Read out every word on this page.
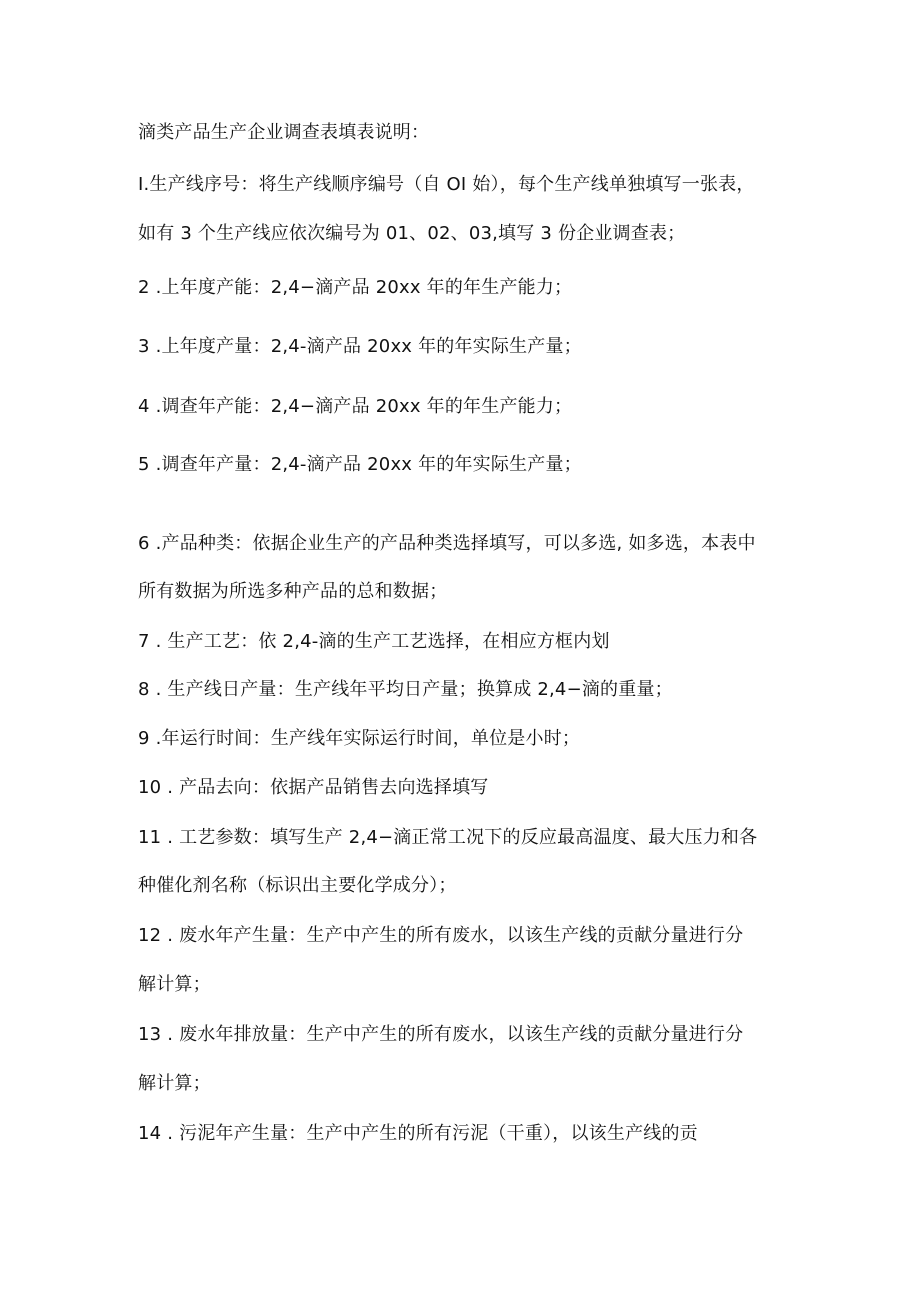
滴类产品生产企业调查表填表说明：
I.生产线序号：将生产线顺序编号（自 OI 始），每个生产线单独填写一张表，
如有 3 个生产线应依次编号为 01、02、03,填写 3 份企业调查表；
2 .上年度产能：2,4−滴产品 20xx 年的年生产能力；
3 .上年度产量：2,4-滴产品 20xx 年的年实际生产量；
4 .调查年产能：2,4−滴产品 20xx 年的年生产能力；
5 .调查年产量：2,4-滴产品 20xx 年的年实际生产量；
6 .产品种类：依据企业生产的产品种类选择填写，可以多选, 如多选，本表中
所有数据为所选多种产品的总和数据；
7 . 生产工艺：依 2,4-滴的生产工艺选择，在相应方框内划
8 . 生产线日产量：生产线年平均日产量；换算成 2,4−滴的重量；
9 .年运行时间：生产线年实际运行时间，单位是小时；
10 . 产品去向：依据产品销售去向选择填写
11 . 工艺参数：填写生产 2,4−滴正常工况下的反应最高温度、最大压力和各
种催化剂名称（标识出主要化学成分）；
12 . 废水年产生量：生产中产生的所有废水，以该生产线的贡献分量进行分
解计算；
13 . 废水年排放量：生产中产生的所有废水，以该生产线的贡献分量进行分
解计算；
14 . 污泥年产生量：生产中产生的所有污泥（干重），以该生产线的贡
